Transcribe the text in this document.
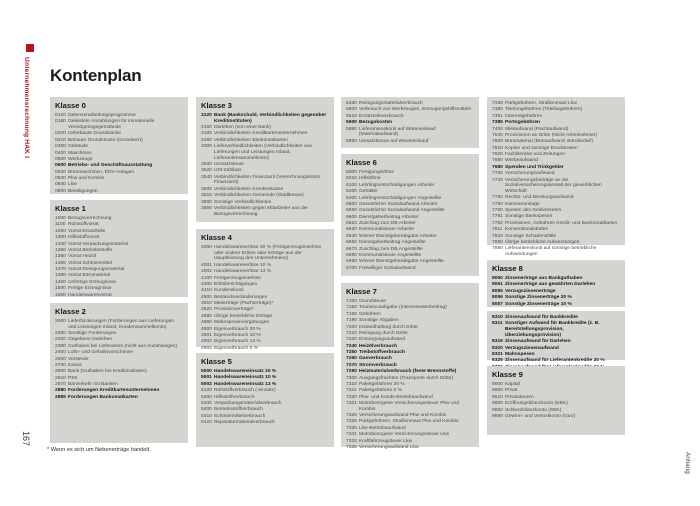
Unternehmensrechnung HAK I
167
Anhang
Kontenplan
Klasse 0
0120 Datenverarbeitungsprogramme
0180 Geleistete Anzahlungen für immaterielle Vermögensgegenstände
0200 Unbebaute Grundstücke
0210 Bebaute Grundstücke (Grundwert)
0300 Gebäude
0400 Maschinen
0500 Werkzeuge
0600 Betriebs- und Geschäftsausstattung
0620 Büromaschinen, EDV-Anlagen
0630 Pkw und Kombis
0640 Lkw
0800 Beteiligungen
Klasse 1
1000 Bezugsverrechnung
1100 Rohstoffvorrat
1250 Vorrat Ersatzteile
1300 Hilfsstoffvorrat
1340 Vorrat Verpackungsmaterial
1350 Vorrat Betriebsstoffe
1360 Vorrat Heizöl
1365 Vorrat Schmiermittel
1370 Vorrat Reinigungsmaterial
1390 Vorrat Büromaterial
1400 Unfertige Erzeugnisse
1500 Fertige Erzeugnisse
1600 Handelswarenvorrat
Klasse 2
2000 Lieferforderungen (Forderungen aus Lieferungen und Leistungen Inland, Kundensammelkonto)
2300 Sonstige Forderungen
2320 Gegebene Darlehen
2380 Guthaben bei Lieferanten (nicht aus Anzahlungen)
2400 Lohn- und Gehaltsvorschüsse
2500 Vorsteuer
2700 Kassa
2800 Bank (Guthaben bei Kreditinstituten)
2810 PSK
2870 Barverkehr mit Banken
2880 Forderungen Kreditkartenunternehmen
2885 Forderungen Bankomatkarten
Klasse 3
3120 Bank (Bankschuld, Verbindlichkeiten gegenüber Kreditinstituten)
3150 Darlehen (von einer Bank)
3180 Verbindlichkeiten Kreditkartenunternehmen
3190 Verbindlichkeiten Bankomatkarten
3300 Lieferverbindlichkeiten (Verbindlichkeiten aus Lieferungen und Leistungen Inland, Lieferantensammelkonto)
3500 Umsatzsteuer
3520 USt-Zahllast
3540 Verbindlichkeiten Finanzamt (Verrechnungskonto Finanzamt)
3600 Verbindlichkeiten Krankenkasse
3610 Verbindlichkeiten Gemeinde (Stadtkasse)
3800 Sonstige Verbindlichkeiten
3850 Verbindlichkeiten gegen Mitarbeiter aus der Bezugsverrechnung
Klasse 4
4000 Handelswarenerlöse 20 % (Fertigerzeugniserlöse oder andere Erlöse oder Erträge aus der Hauptleistung des Unternehmens)
4001 Handelswarenerlöse 10 %
4002 Handelswarenerlöse 13 %
4100 Fertigerzeugniserlöse
4400 Erlösberichtigungen
4410 Kundenskonti
4500 Bestandsveränderungen
4810 Mieterträge (Pachterträge)*
4820 Provisionserträge*
4880 Übrige betriebliche Erträge
4890 Mahnspesenvergütungen
4900 Eigenverbrauch 20 %
4901 Eigenverbrauch 10 %
4902 Eigenverbrauch 13 %
4903 Eigenverbrauch 0 %
Klasse 5
5000 Handelswareneinsatz 20 %
5001 Handelswareneinsatz 10 %
5002 Handelswareneinsatz 13 %
5100 Rohstoffverbrauch (-einsatz)
5300 Hilfsstoffverbrauch
5340 Verpackungsmaterialverbrauch
5400 Betriebsstoffverbrauch
5410 Schmiermittelverbrauch
5420 Reparaturmaterialverbrauch
5450 Reinigungsmaterialverbrauch
5500 Verbrauch von Werkzeugen, Erzeugungshilfsmitteln
5510 Ersatzteileverbrauch
5600 Bezugskosten
5880 Lieferantenskonti auf Wareneinkauf (Materialaufwand)
5890 Umsatzbonus auf Wareneinkauf
Klasse 6
6000 Fertigungslöhne
6010 Hilfslöhne
6100 Lehrlingsentschädigungen Arbeiter
6200 Gehälter
6300 Lehrlingsentschädigungen Angestellte
6500 Gesetzlicher Sozialaufwand Arbeiter
6560 Gesetzlicher Sozialaufwand Angestellte
6600 Dienstgeberbeitrag Arbeiter
6610 Zuschlag zum DB Arbeiter
6620 Kommunalsteuer Arbeiter
6630 Wiener Dienstgeberabgabe Arbeiter
6660 Dienstgeberbeitrag Angestellte
6670 Zuschlag zum DB Angestellte
6680 Kommunalsteuer Angestellte
6690 Wiener Dienstgeberabgabe Angestellte
6700 Freiwilliger Sozialaufwand
Klasse 7
7100 Grundsteuer
7150 Tourismusabgabe (Interessentenbeitrag)
7160 Gebühren
7190 Sonstige Abgaben
7200 Instandhaltung durch Dritte
7210 Reinigung durch Dritte
7220 Entsorgungsaufwand
7240 Heizölverbrauch
7250 Treibstoffverbrauch
7260 Gasverbrauch
7270 Stromverbrauch
7290 Heizmaterialverbrauch (feste Brennstoffe)
7300 Ausgangsfrachten (Transporte durch Dritte)
7310 Paketgebühren 20 %
7311 Paketgebühren 0 %
7320 Pkw- und Kombi-Betriebsaufwand
7321 Motorbezogene Versicherungssteuer Pkw und Kombis
7325 Versicherungsaufwand Pkw und Kombis
7326 Parkgebühren, Straßenmaut Pkw und Kombis
7330 Lkw-Betriebsaufwand
7331 Motorbezogene Versicherungssteuer Lkw
7332 Kraftfahrzeugsteuer Lkw
7335 Versicherungsaufwand Lkw
7336 Parkgebühren, Straßenmaut Lkw
7380 Telefongebühren (Telefaxgebühren)
7381 Internetgebühren
7385 Portogebühren
7400 Mietaufwand (Pachtaufwand)
7540 Provisionen an Dritte (Nicht-Arbeitnehmer)
7600 Büromaterial (Büroaufwand, Bürobedarf)
7610 Kopien und sonstige Druckkosten
7620 Fachliteratur und Zeitungen
7650 Werbeaufwand
7680 Spenden und Trinkgelder
7700 Versicherungsaufwand
7740 Versicherungsbeiträge an die Sozialversicherungsanstalt der gewerblichen Wirtschaft
7750 Rechts- und Beratungsaufwand
7780 Kammerumlage
7790 Spesen des Geldverkehrs
7791 Sonstige Bankspesen
7792 Provisionen, Gebühren Kredit- und Bankomatkarten
7811 Konventionalstrafen
7819 Sonstige Schadensfälle
7850 Übrige betriebliche Aufwendungen
7890 Lieferantenskonti auf sonstige betriebliche Aufwendungen
Klasse 8
8050 Zinsenerträge aus Bankguthaben
8051 Zinsenerträge aus gewährten Darlehen
8055 Verzugszinsenerträge
8056 Sonstige Zinsenerträge 20 %
8057 Sonstige Zinsenerträge 10 %
8310 Zinsenaufwand für Bankkredite
8311 Sonstiger Aufwand für Bankkredite (z. B. Bereitstellungsprovision, Überziehungsprovision)
8315 Zinsenaufwand für Darlehen
8320 Verzugszinsenaufwand
8321 Mahnspesen
8325 Zinsenaufwand für Lieferantenkredite 20 %
Klasse 9
9000 Kapital
9600 Privat
9610 Privatsteuern
9800 Eröffnungsbilanzkonto (EBK)
9850 Schlussbilanzkonto (SBK)
9890 Gewinn- und Verlustkonto (GuV)
* Wenn es sich um Nebenerträge handelt.
